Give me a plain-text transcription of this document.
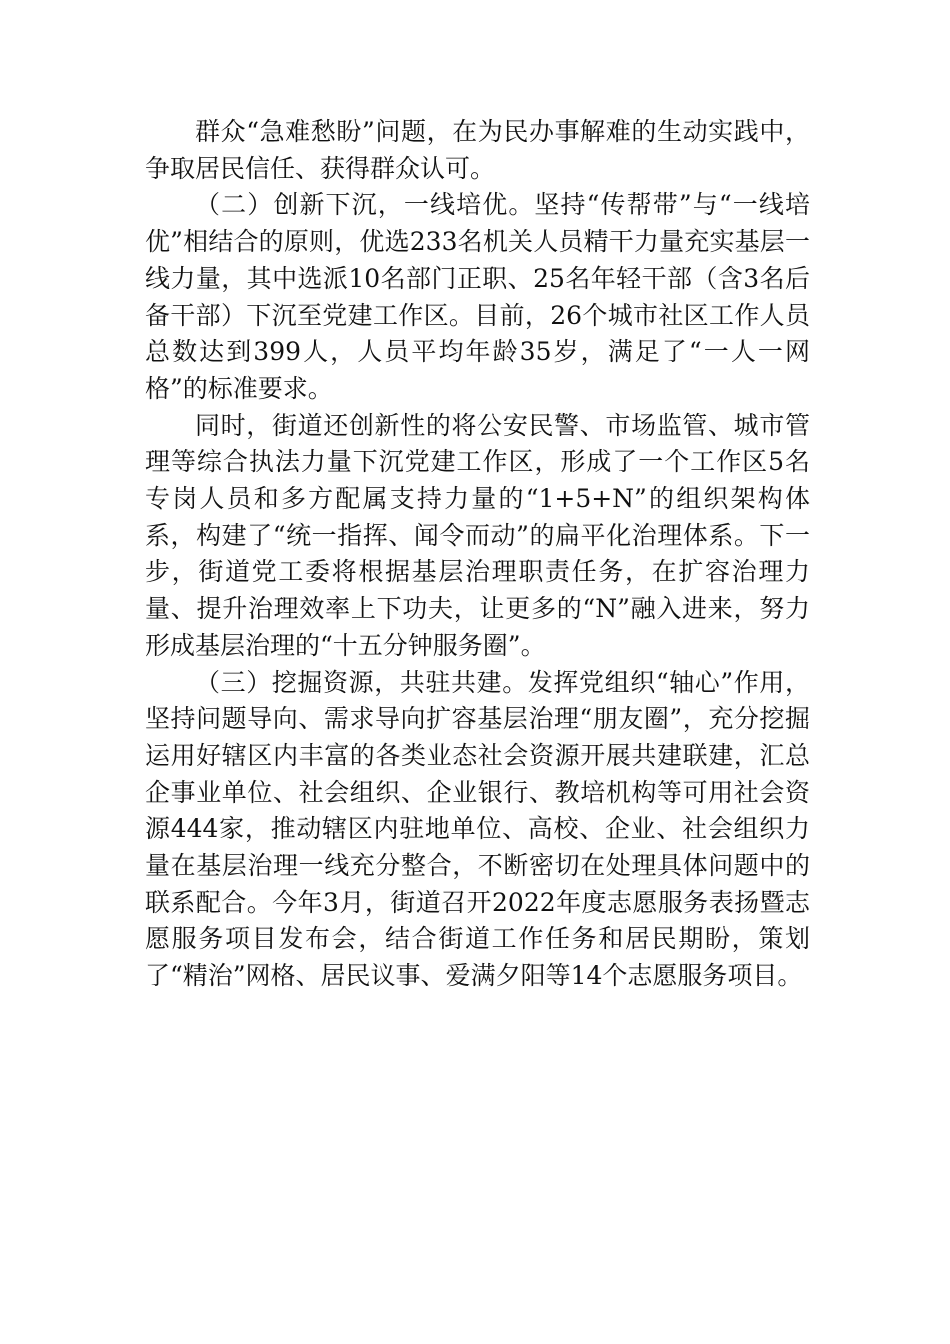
群众“急难愁盼”问题，在为民办事解难的生动实践中，争取居民信任、获得群众认可。

（二）创新下沉，一线培优。坚持“传帮带”与“一线培优”相结合的原则，优选233名机关人员精干力量充实基层一线力量，其中选派10名部门正职、25名年轻干部（含3名后备干部）下沉至党建工作区。目前，26个城市社区工作人员总数达到399人，人员平均年龄35岁，满足了“一人一网格”的标准要求。

同时，街道还创新性的将公安民警、市场监管、城市管理等综合执法力量下沉党建工作区，形成了一个工作区5名专岗人员和多方配属支持力量的“1+5+N”的组织架构体系，构建了“统一指挥、闻令而动”的扁平化治理体系。下一步，街道党工委将根据基层治理职责任务，在扩容治理力量、提升治理效率上下功夫，让更多的“N”融入进来，努力形成基层治理的“十五分钟服务圈”。

（三）挖掘资源，共驻共建。发挥党组织“轴心”作用，坚持问题导向、需求导向扩容基层治理“朋友圈”，充分挖掘运用好辖区内丰富的各类业态社会资源开展共建联建，汇总企事业单位、社会组织、企业银行、教培机构等可用社会资源444家，推动辖区内驻地单位、高校、企业、社会组织力量在基层治理一线充分整合，不断密切在处理具体问题中的联系配合。今年3月，街道召开2022年度志愿服务表扬暨志愿服务项目发布会，结合街道工作任务和居民期盼，策划了“精治”网格、居民议事、爱满夕阳等14个志愿服务项目。
